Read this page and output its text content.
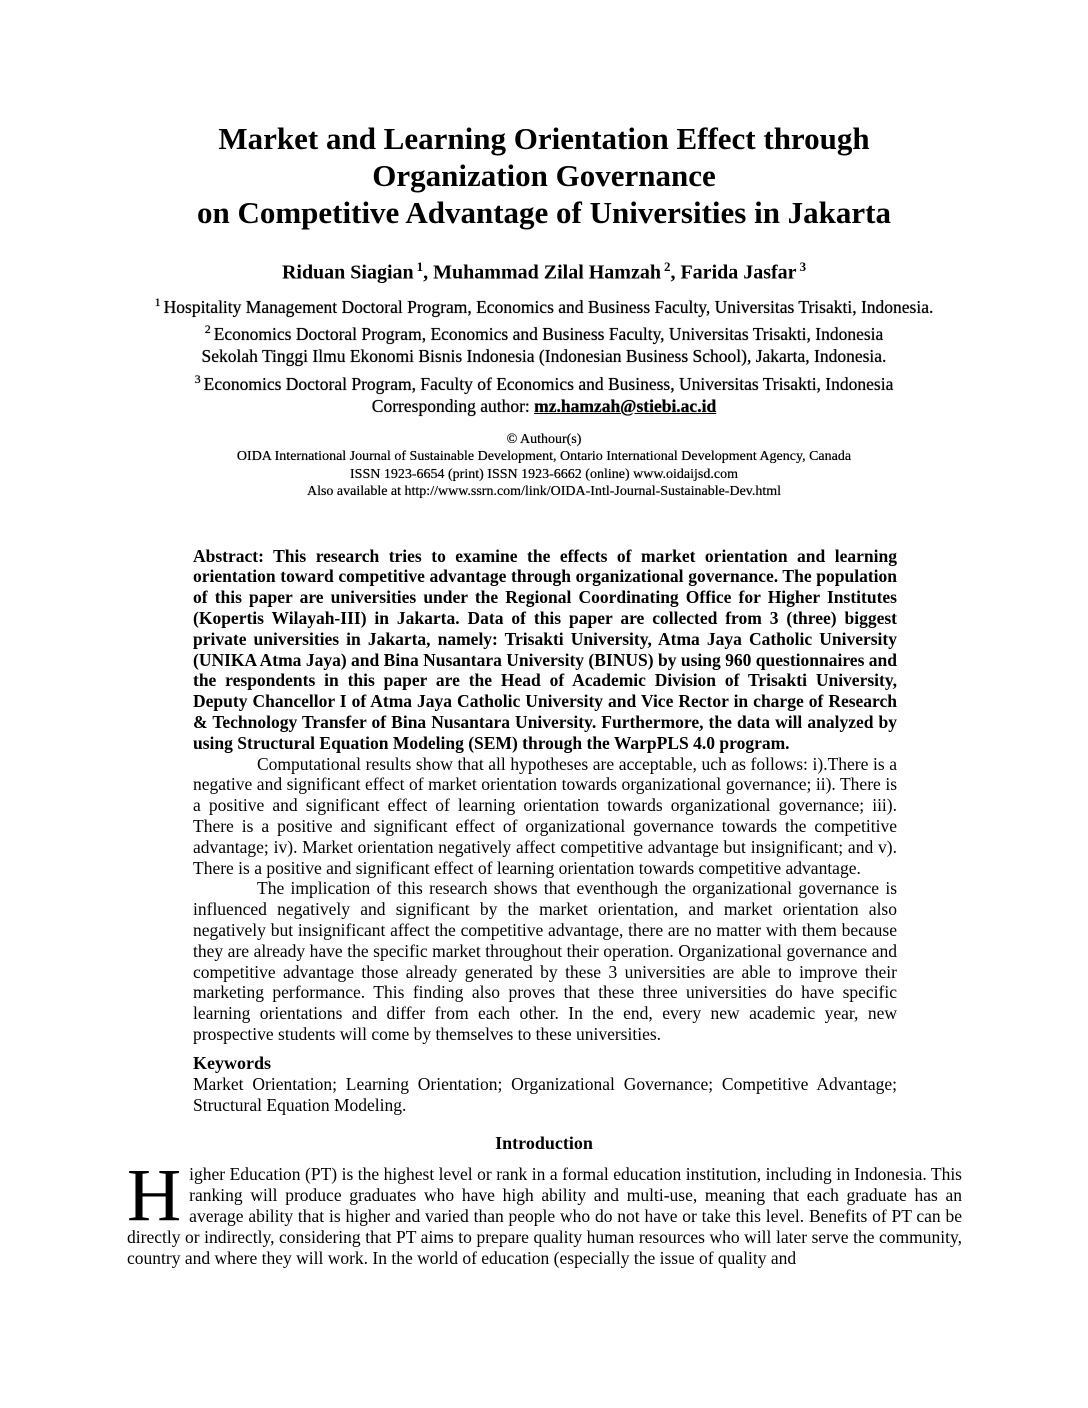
Market and Learning Orientation Effect through
Organization Governance
on Competitive Advantage of Universities in Jakarta
Riduan Siagian $^1$, Muhammad Zilal Hamzah $^2$, Farida Jasfar $^3$
$^1$ Hospitality Management Doctoral Program, Economics and Business Faculty, Universitas Trisakti, Indonesia.
$^2$ Economics Doctoral Program, Economics and Business Faculty, Universitas Trisakti, Indonesia
Sekolah Tinggi Ilmu Ekonomi Bisnis Indonesia (Indonesian Business School), Jakarta, Indonesia.
$^3$ Economics Doctoral Program, Faculty of Economics and Business, Universitas Trisakti, Indonesia
Corresponding author: mz.hamzah@stiebi.ac.id
© Authour(s)
OIDA International Journal of Sustainable Development, Ontario International Development Agency, Canada
ISSN 1923-6654 (print) ISSN 1923-6662 (online) www.oidaijsd.com
Also available at http://www.ssrn.com/link/OIDA-Intl-Journal-Sustainable-Dev.html

Abstract: This research tries to examine the effects of market orientation and learning orientation toward competitive advantage through organizational governance. The population of this paper are universities under the Regional Coordinating Office for Higher Institutes (Kopertis Wilayah-III) in Jakarta. Data of this paper are collected from 3 (three) biggest private universities in Jakarta, namely: Trisakti University, Atma Jaya Catholic University (UNIKA Atma Jaya) and Bina Nusantara University (BINUS) by using 960 questionnaires and the respondents in this paper are the Head of Academic Division of Trisakti University, Deputy Chancellor I of Atma Jaya Catholic University and Vice Rector in charge of Research & Technology Transfer of Bina Nusantara University. Furthermore, the data will analyzed by using Structural Equation Modeling (SEM) through the WarpPLS 4.0 program.

Computational results show that all hypotheses are acceptable, uch as follows: i).There is a negative and significant effect of market orientation towards organizational governance; ii). There is a positive and significant effect of learning orientation towards organizational governance; iii). There is a positive and significant effect of organizational governance towards the competitive advantage; iv). Market orientation negatively affect competitive advantage but insignificant; and v). There is a positive and significant effect of learning orientation towards competitive advantage.

The implication of this research shows that eventhough the organizational governance is influenced negatively and significant by the market orientation, and market orientation also negatively but insignificant affect the competitive advantage, there are no matter with them because they are already have the specific market throughout their operation. Organizational governance and competitive advantage those already generated by these 3 universities are able to improve their marketing performance. This finding also proves that these three universities do have specific learning orientations and differ from each other. In the end, every new academic year, new prospective students will come by themselves to these universities.

Keywords
Market Orientation; Learning Orientation; Organizational Governance; Competitive Advantage; Structural Equation Modeling.
Introduction
Higher Education (PT) is the highest level or rank in a formal education institution, including in Indonesia. This ranking will produce graduates who have high ability and multi-use, meaning that each graduate has an average ability that is higher and varied than people who do not have or take this level. Benefits of PT can be directly or indirectly, considering that PT aims to prepare quality human resources who will later serve the community, country and where they will work. In the world of education (especially the issue of quality and
